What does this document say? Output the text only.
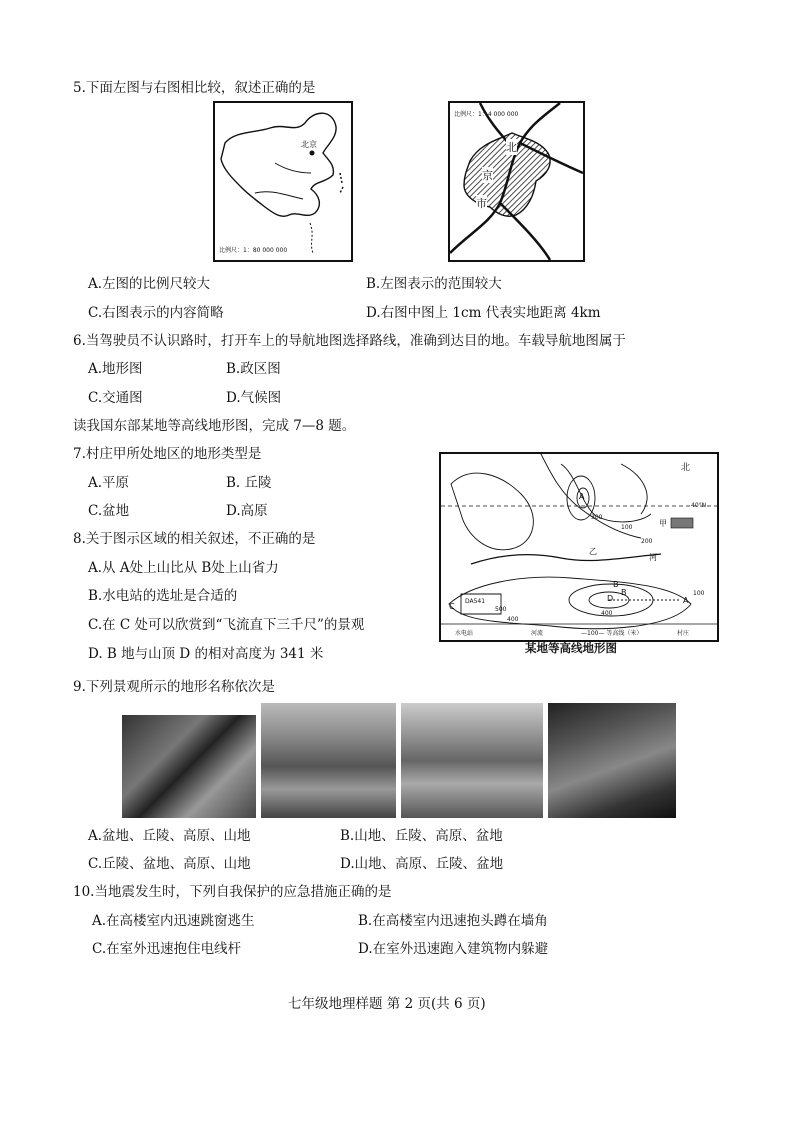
5.下面左图与右图相比较，叙述正确的是
北京
比例尺：1：80 000 000
比例尺：1：4 000 000
北
京
市
A.左图的比例尺较大	B.左图表示的范围较大
C.右图表示的内容简略	D.右图中图上 1cm 代表实地距离 4km
6.当驾驶员不认识路时，打开车上的导航地图选择路线，准确到达目的地。车载导航地图属于
A.地形图	B.政区图
C.交通图	D.气候图
读我国东部某地等高线地形图，完成 7—8 题。
7.村庄甲所处地区的地形类型是
A.平原	B. 丘陵
C.盆地	D.高原
8.关于图示区域的相关叙述，不正确的是
A.从 A处上山比从 B处上山省力
B.水电站的选址是合适的
C.在 C 处可以欣赏到“飞流直下三千尺”的景观
D. B 地与山顶 D 的相对高度为 341 米
北
40°N
甲
乙
河
300
100
200
500
400
400
100
A
B
C
D	A
B
DA541
水电站	河流	—100— 等高线（米）	村庄
某地等高线地形图
9.下列景观所示的地形名称依次是
A.盆地、丘陵、高原、山地	B.山地、丘陵、高原、盆地
C.丘陵、盆地、高原、山地	D.山地、高原、丘陵、盆地
10.当地震发生时，下列自我保护的应急措施正确的是
A.在高楼室内迅速跳窗逃生	B.在高楼室内迅速抱头蹲在墙角
C.在室外迅速抱住电线杆	D.在室外迅速跑入建筑物内躲避
七年级地理样题 第 2 页(共 6 页)
